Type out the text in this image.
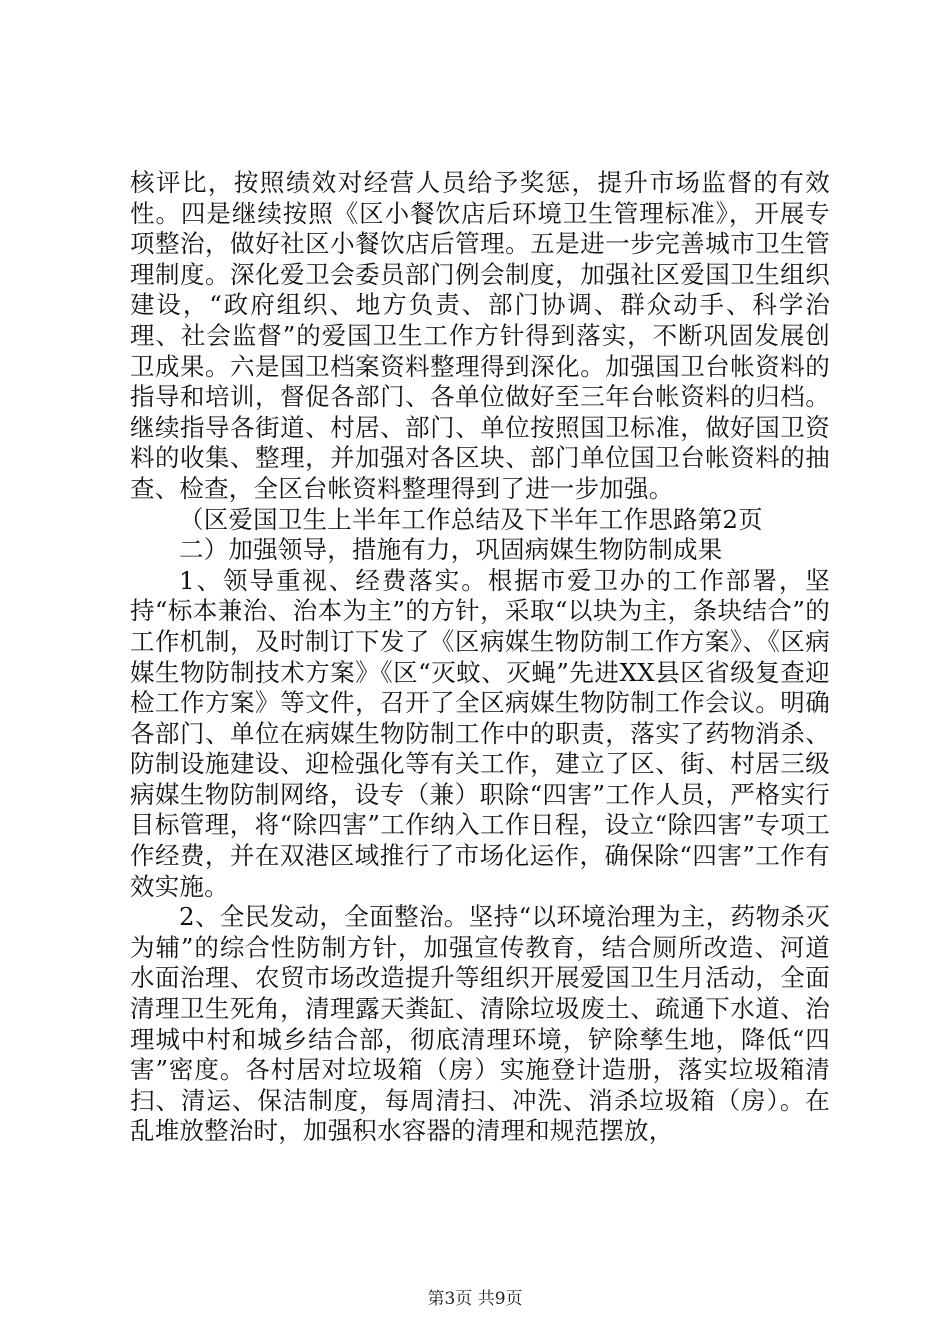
核评比，按照绩效对经营人员给予奖惩，提升市场监督的有效性。四是继续按照《区小餐饮店后环境卫生管理标准》，开展专项整治，做好社区小餐饮店后管理。五是进一步完善城市卫生管理制度。深化爱卫会委员部门例会制度，加强社区爱国卫生组织建设，“政府组织、地方负责、部门协调、群众动手、科学治理、社会监督”的爱国卫生工作方针得到落实，不断巩固发展创卫成果。六是国卫档案资料整理得到深化。加强国卫台帐资料的指导和培训，督促各部门、各单位做好至三年台帐资料的归档。继续指导各街道、村居、部门、单位按照国卫标准，做好国卫资料的收集、整理，并加强对各区块、部门单位国卫台帐资料的抽查、检查，全区台帐资料整理得到了进一步加强。

（区爱国卫生上半年工作总结及下半年工作思路第2页

二）加强领导，措施有力，巩固病媒生物防制成果

1、领导重视、经费落实。根据市爱卫办的工作部署，坚持“标本兼治、治本为主”的方针，采取“以块为主，条块结合”的工作机制，及时制订下发了《区病媒生物防制工作方案》、《区病媒生物防制技术方案》《区“灭蚊、灭蝇”先进XX县区省级复查迎检工作方案》等文件，召开了全区病媒生物防制工作会议。明确各部门、单位在病媒生物防制工作中的职责，落实了药物消杀、防制设施建设、迎检强化等有关工作，建立了区、街、村居三级病媒生物防制网络，设专（兼）职除“四害”工作人员，严格实行目标管理，将“除四害”工作纳入工作日程，设立“除四害”专项工作经费，并在双港区域推行了市场化运作，确保除“四害”工作有效实施。

2、全民发动，全面整治。坚持“以环境治理为主，药物杀灭为辅”的综合性防制方针，加强宣传教育，结合厕所改造、河道水面治理、农贸市场改造提升等组织开展爱国卫生月活动，全面清理卫生死角，清理露天粪缸、清除垃圾废土、疏通下水道、治理城中村和城乡结合部，彻底清理环境，铲除孳生地，降低“四害”密度。各村居对垃圾箱（房）实施登计造册，落实垃圾箱清扫、清运、保洁制度，每周清扫、冲洗、消杀垃圾箱（房）。在乱堆放整治时，加强积水容器的清理和规范摆放，

第3页 共9页
